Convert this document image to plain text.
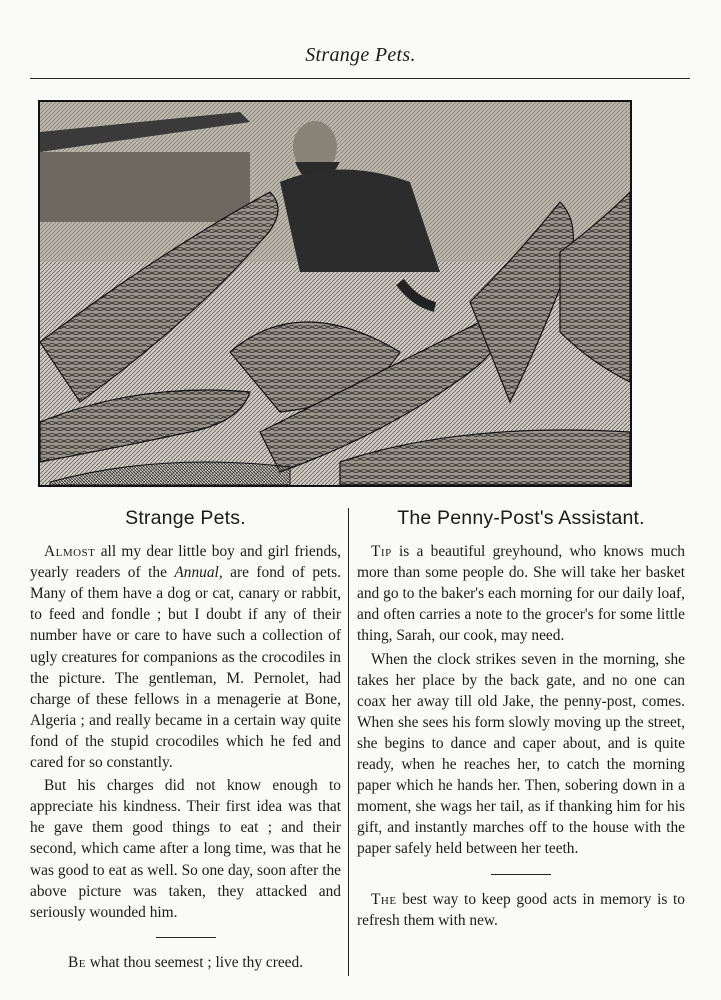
Strange Pets.
Strange Pets.

Almost all my dear little boy and girl friends, yearly readers of the Annual, are fond of pets. Many of them have a dog or cat, canary or rabbit, to feed and fondle ; but I doubt if any of their number have or care to have such a collection of ugly creatures for companions as the crocodiles in the picture. The gentleman, M. Pernolet, had charge of these fellows in a menagerie at Bone, Algeria ; and really became in a certain way quite fond of the stupid crocodiles which he fed and cared for so constantly.

But his charges did not know enough to appreciate his kindness. Their first idea was that he gave them good things to eat ; and their second, which came after a long time, was that he was good to eat as well. So one day, soon after the above picture was taken, they attacked and seriously wounded him.

Be what thou seemest ; live thy creed.

The Penny-Post's Assistant.

Tip is a beautiful greyhound, who knows much more than some people do. She will take her basket and go to the baker's each morning for our daily loaf, and often carries a note to the grocer's for some little thing, Sarah, our cook, may need.

When the clock strikes seven in the morning, she takes her place by the back gate, and no one can coax her away till old Jake, the penny-post, comes. When she sees his form slowly moving up the street, she begins to dance and caper about, and is quite ready, when he reaches her, to catch the morning paper which he hands her. Then, sobering down in a moment, she wags her tail, as if thanking him for his gift, and instantly marches off to the house with the paper safely held between her teeth.

The best way to keep good acts in memory is to refresh them with new.
